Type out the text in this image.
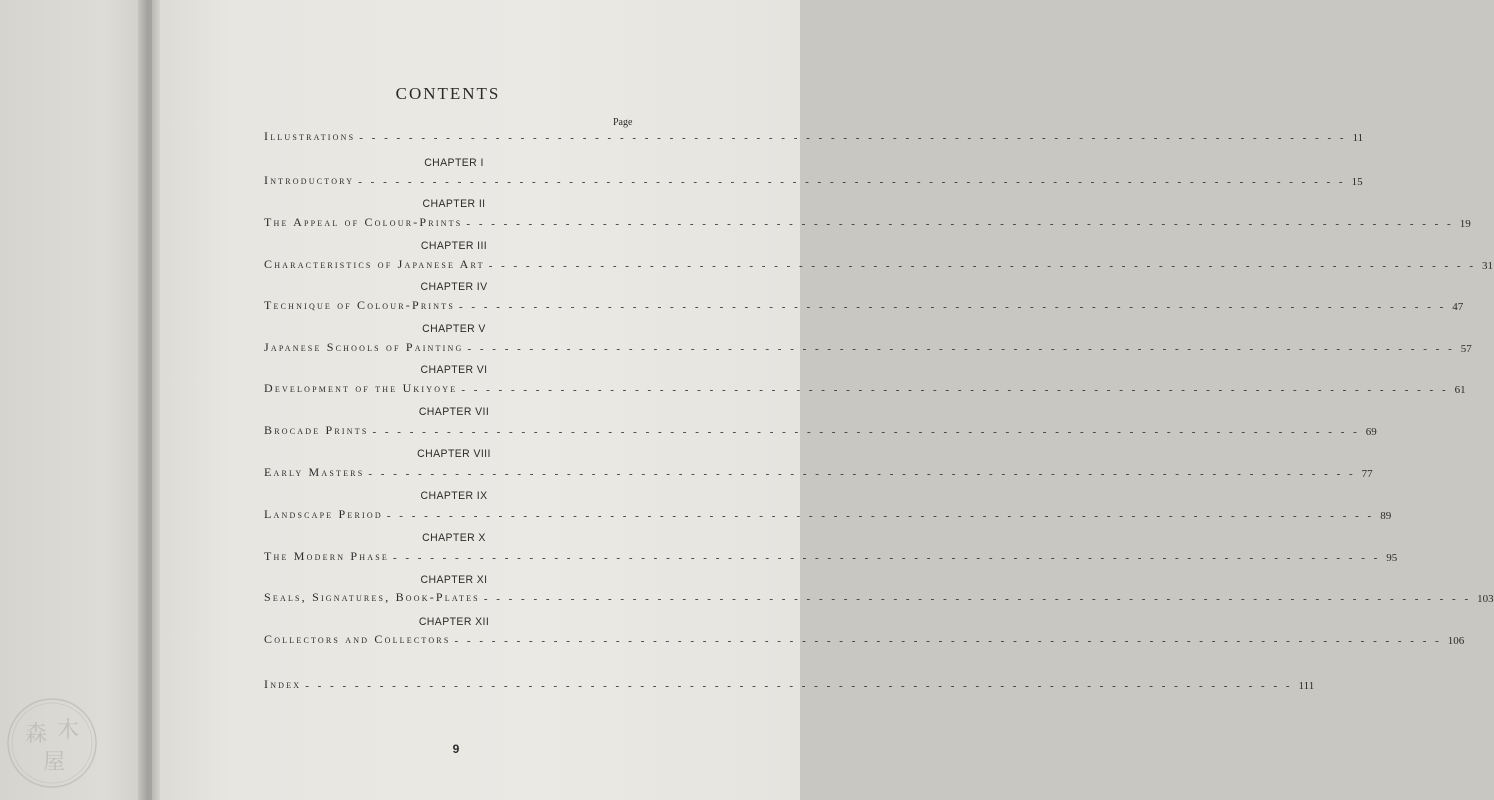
CONTENTS
Page
Illustrations - - - - - - - - - - - - - - - - - - - - - - - - - - - - - - - - - - - - - - - - - - - - - - - - - - - - - - - - - - - - - - - - - - - - - - - - - - - - - - - - 11
CHAPTER I
Introductory - - - - - - - - - - - - - - - - - - - - - - - - - - - - - - - - - - - - - - - - - - - - - - - - - - - - - - - - - - - - - - - - - - - - - - - - - - - - - - - - 15
CHAPTER II
The Appeal of Colour-Prints - - - - - - - - - - - - - - - - - - - - - - - - - - - - - - - - - - - - - - - - - - - - - - - - - - - - - - - - - - - - - - - - - - - - - - - - - - - - - - - - 19
CHAPTER III
Characteristics of Japanese Art - - - - - - - - - - - - - - - - - - - - - - - - - - - - - - - - - - - - - - - - - - - - - - - - - - - - - - - - - - - - - - - - - - - - - - - - - - - - - - - - 31
CHAPTER IV
Technique of Colour-Prints - - - - - - - - - - - - - - - - - - - - - - - - - - - - - - - - - - - - - - - - - - - - - - - - - - - - - - - - - - - - - - - - - - - - - - - - - - - - - - - - 47
CHAPTER V
Japanese Schools of Painting - - - - - - - - - - - - - - - - - - - - - - - - - - - - - - - - - - - - - - - - - - - - - - - - - - - - - - - - - - - - - - - - - - - - - - - - - - - - - - - - 57
CHAPTER VI
Development of the Ukiyoye - - - - - - - - - - - - - - - - - - - - - - - - - - - - - - - - - - - - - - - - - - - - - - - - - - - - - - - - - - - - - - - - - - - - - - - - - - - - - - - - 61
CHAPTER VII
Brocade Prints - - - - - - - - - - - - - - - - - - - - - - - - - - - - - - - - - - - - - - - - - - - - - - - - - - - - - - - - - - - - - - - - - - - - - - - - - - - - - - - - 69
CHAPTER VIII
Early Masters - - - - - - - - - - - - - - - - - - - - - - - - - - - - - - - - - - - - - - - - - - - - - - - - - - - - - - - - - - - - - - - - - - - - - - - - - - - - - - - - 77
CHAPTER IX
Landscape Period - - - - - - - - - - - - - - - - - - - - - - - - - - - - - - - - - - - - - - - - - - - - - - - - - - - - - - - - - - - - - - - - - - - - - - - - - - - - - - - - 89
CHAPTER X
The Modern Phase - - - - - - - - - - - - - - - - - - - - - - - - - - - - - - - - - - - - - - - - - - - - - - - - - - - - - - - - - - - - - - - - - - - - - - - - - - - - - - - - 95
CHAPTER XI
Seals, Signatures, Book-Plates - - - - - - - - - - - - - - - - - - - - - - - - - - - - - - - - - - - - - - - - - - - - - - - - - - - - - - - - - - - - - - - - - - - - - - - - - - - - - - - - 103
CHAPTER XII
Collectors and Collectors - - - - - - - - - - - - - - - - - - - - - - - - - - - - - - - - - - - - - - - - - - - - - - - - - - - - - - - - - - - - - - - - - - - - - - - - - - - - - - - - 106
Index - - - - - - - - - - - - - - - - - - - - - - - - - - - - - - - - - - - - - - - - - - - - - - - - - - - - - - - - - - - - - - - - - - - - - - - - - - - - - - - - 111
9
森 木
屋
